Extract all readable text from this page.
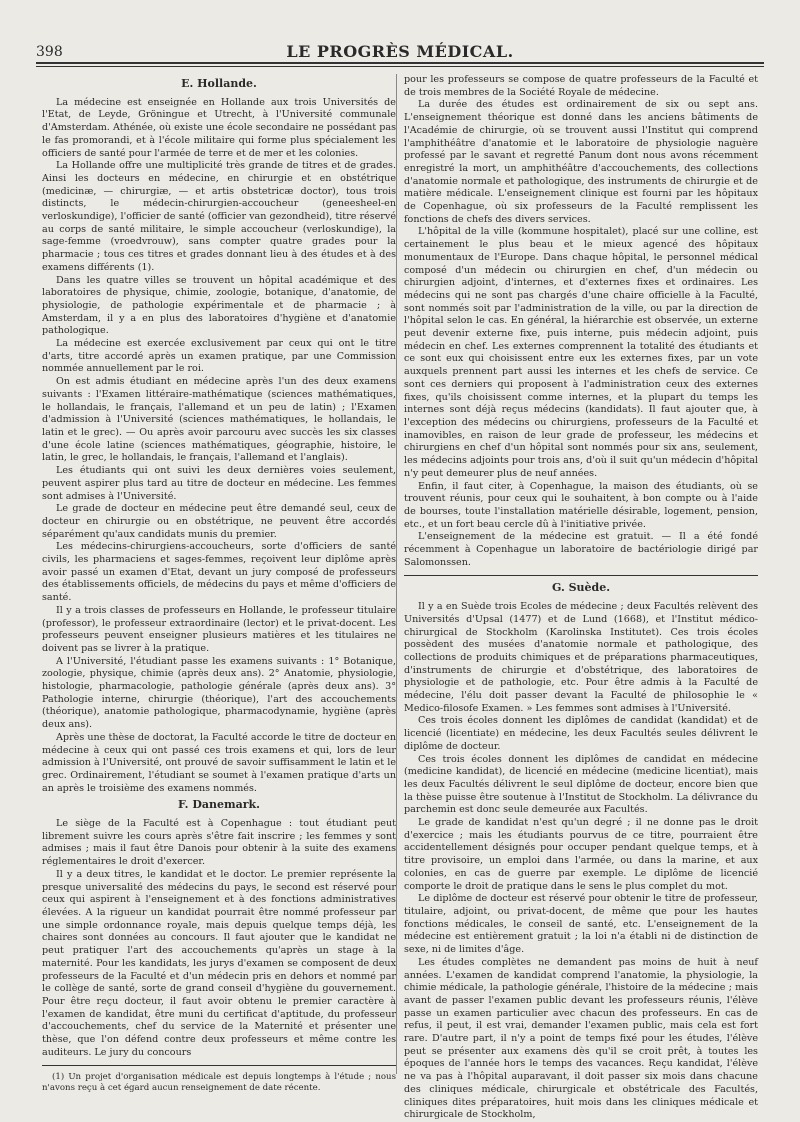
398	LE PROGRÈS MÉDICAL.
E. Hollande.

La médecine est enseignée en Hollande aux trois Universités de l'Etat, de Leyde, Gröningue et Utrecht, à l'Université communale d'Amsterdam. Athénée, où existe une école secondaire ne possédant pas le fas promorandi, et à l'école militaire qui forme plus spécialement les officiers de santé pour l'armée de terre et de mer et les colonies.

La Hollande offre une multiplicité très grande de titres et de grades. Ainsi les docteurs en médecine, en chirurgie et en obstétrique (medicinæ, — chirurgiæ, — et artis obstetricæ doctor), tous trois distincts, le médecin-chirurgien-accoucheur (geneesheel-en verloskundige), l'officier de santé (officier van gezondheid), titre réservé au corps de santé militaire, le simple accoucheur (verloskundige), la sage-femme (vroedvrouw), sans compter quatre grades pour la pharmacie ; tous ces titres et grades donnant lieu à des études et à des examens différents (1).

Dans les quatre villes se trouvent un hôpital académique et des laboratoires de physique, chimie, zoologie, botanique, d'anatomie, de physiologie, de pathologie expérimentale et de pharmacie ; à Amsterdam, il y a en plus des laboratoires d'hygiène et d'anatomie pathologique.

La médecine est exercée exclusivement par ceux qui ont le titre d'arts, titre accordé après un examen pratique, par une Commission nommée annuellement par le roi.

On est admis étudiant en médecine après l'un des deux examens suivants : l'Examen littéraire-mathématique (sciences mathématiques, le hollandais, le français, l'allemand et un peu de latin) ; l'Examen d'admission à l'Université (sciences mathématiques, le hollandais, le latin et le grec). — Ou après avoir parcouru avec succès les six classes d'une école latine (sciences mathématiques, géographie, histoire, le latin, le grec, le hollandais, le français, l'allemand et l'anglais).

Les étudiants qui ont suivi les deux dernières voies seulement, peuvent aspirer plus tard au titre de docteur en médecine. Les femmes sont admises à l'Université.

Le grade de docteur en médecine peut être demandé seul, ceux de docteur en chirurgie ou en obstétrique, ne peuvent être accordés séparément qu'aux candidats munis du premier.

Les médecins-chirurgiens-accoucheurs, sorte d'officiers de santé civils, les pharmaciens et sages-femmes, reçoivent leur diplôme après avoir passé un examen d'Etat, devant un jury composé de professeurs des établissements officiels, de médecins du pays et même d'officiers de santé.

Il y a trois classes de professeurs en Hollande, le professeur titulaire (professor), le professeur extraordinaire (lector) et le privat-docent. Les professeurs peuvent enseigner plusieurs matières et les titulaires ne doivent pas se livrer à la pratique.

A l'Université, l'étudiant passe les examens suivants : 1° Botanique, zoologie, physique, chimie (après deux ans). 2° Anatomie, physiologie, histologie, pharmacologie, pathologie générale (après deux ans). 3° Pathologie interne, chirurgie (théorique), l'art des accouchements (théorique), anatomie pathologique, pharmacodynamie, hygiène (après deux ans).

Après une thèse de doctorat, la Faculté accorde le titre de docteur en médecine à ceux qui ont passé ces trois examens et qui, lors de leur admission à l'Université, ont prouvé de savoir suffisamment le latin et le grec. Ordinairement, l'étudiant se soumet à l'examen pratique d'arts un an après le troisième des examens nommés.

F. Danemark.

Le siège de la Faculté est à Copenhague : tout étudiant peut librement suivre les cours après s'être fait inscrire ; les femmes y sont admises ; mais il faut être Danois pour obtenir à la suite des examens réglementaires le droit d'exercer.

Il y a deux titres, le kandidat et le doctor. Le premier représente la presque universalité des médecins du pays, le second est réservé pour ceux qui aspirent à l'enseignement et à des fonctions administratives élevées. A la rigueur un kandidat pourrait être nommé professeur par une simple ordonnance royale, mais depuis quelque temps déjà, les chaires sont données au concours. Il faut ajouter que le kandidat ne peut pratiquer l'art des accouchements qu'après un stage à la maternité. Pour les kandidats, les jurys d'examen se composent de deux professeurs de la Faculté et d'un médecin pris en dehors et nommé par le collège de santé, sorte de grand conseil d'hygiène du gouvernement. Pour être reçu docteur, il faut avoir obtenu le premier caractère à l'examen de kandidat, être muni du certificat d'aptitude, du professeur d'accouchements, chef du service de la Maternité et présenter une thèse, que l'on défend contre deux professeurs et même contre les auditeurs. Le jury du concours

(1) Un projet d'organisation médicale est depuis longtemps à l'étude ; nous n'avons reçu à cet égard aucun renseignement de date récente.

pour les professeurs se compose de quatre professeurs de la Faculté et de trois membres de la Société Royale de médecine.

La durée des études est ordinairement de six ou sept ans. L'enseignement théorique est donné dans les anciens bâtiments de l'Académie de chirurgie, où se trouvent aussi l'Institut qui comprend l'amphithéâtre d'anatomie et le laboratoire de physiologie naguère professé par le savant et regretté Panum dont nous avons récemment enregistré la mort, un amphithéâtre d'accouchements, des collections d'anatomie normale et pathologique, des instruments de chirurgie et de matière médicale. L'enseignement clinique est fourni par les hôpitaux de Copenhague, où six professeurs de la Faculté remplissent les fonctions de chefs des divers services.

L'hôpital de la ville (kommune hospitalet), placé sur une colline, est certainement le plus beau et le mieux agencé des hôpitaux monumentaux de l'Europe. Dans chaque hôpital, le personnel médical composé d'un médecin ou chirurgien en chef, d'un médecin ou chirurgien adjoint, d'internes, et d'externes fixes et ordinaires. Les médecins qui ne sont pas chargés d'une chaire officielle à la Faculté, sont nommés soit par l'administration de la ville, ou par la direction de l'hôpital selon le cas. En général, la hiérarchie est observée, un externe peut devenir externe fixe, puis interne, puis médecin adjoint, puis médecin en chef. Les externes comprennent la totalité des étudiants et ce sont eux qui choisissent entre eux les externes fixes, par un vote auxquels prennent part aussi les internes et les chefs de service. Ce sont ces derniers qui proposent à l'administration ceux des externes fixes, qu'ils choisissent comme internes, et la plupart du temps les internes sont déjà reçus médecins (kandidats). Il faut ajouter que, à l'exception des médecins ou chirurgiens, professeurs de la Faculté et inamovibles, en raison de leur grade de professeur, les médecins et chirurgiens en chef d'un hôpital sont nommés pour six ans, seulement, les médecins adjoints pour trois ans, d'où il suit qu'un médecin d'hôpital n'y peut demeurer plus de neuf années.

Enfin, il faut citer, à Copenhague, la maison des étudiants, où se trouvent réunis, pour ceux qui le souhaitent, à bon compte ou à l'aide de bourses, toute l'installation matérielle désirable, logement, pension, etc., et un fort beau cercle dû à l'initiative privée.

L'enseignement de la médecine est gratuit. — Il a été fondé récemment à Copenhague un laboratoire de bactériologie dirigé par Salomonssen.

G. Suède.

Il y a en Suède trois Ecoles de médecine ; deux Facultés relèvent des Universités d'Upsal (1477) et de Lund (1668), et l'Institut médico-chirurgical de Stockholm (Karolinska Institutet). Ces trois écoles possèdent des musées d'anatomie normale et pathologique, des collections de produits chimiques et de préparations pharmaceutiques, d'instruments de chirurgie et d'obstétrique, des laboratoires de physiologie et de pathologie, etc. Pour être admis à la Faculté de médecine, l'élu doit passer devant la Faculté de philosophie le « Medico-filosofe Examen. » Les femmes sont admises à l'Université.

Ces trois écoles donnent les diplômes de candidat (kandidat) et de licencié (licentiate) en médecine, les deux Facultés seules délivrent le diplôme de docteur.

Ces trois écoles donnent les diplômes de candidat en médecine (medicine kandidat), de licencié en médecine (medicine licentiat), mais les deux Facultés délivrent le seul diplôme de docteur, encore bien que la thèse puisse être soutenue à l'Institut de Stockholm. La délivrance du parchemin est donc seule demeurée aux Facultés.

Le grade de kandidat n'est qu'un degré ; il ne donne pas le droit d'exercice ; mais les étudiants pourvus de ce titre, pourraient être accidentellement désignés pour occuper pendant quelque temps, et à titre provisoire, un emploi dans l'armée, ou dans la marine, et aux colonies, en cas de guerre par exemple. Le diplôme de licencié comporte le droit de pratique dans le sens le plus complet du mot.

Le diplôme de docteur est réservé pour obtenir le titre de professeur, titulaire, adjoint, ou privat-docent, de même que pour les hautes fonctions médicales, le conseil de santé, etc. L'enseignement de la médecine est entièrement gratuit ; la loi n'a établi ni de distinction de sexe, ni de limites d'âge.

Les études complètes ne demandent pas moins de huit à neuf années. L'examen de kandidat comprend l'anatomie, la physiologie, la chimie médicale, la pathologie générale, l'histoire de la médecine ; mais avant de passer l'examen public devant les professeurs réunis, l'élève passe un examen particulier avec chacun des professeurs. En cas de refus, il peut, il est vrai, demander l'examen public, mais cela est fort rare. D'autre part, il n'y a point de temps fixé pour les études, l'élève peut se présenter aux examens dès qu'il se croit prêt, à toutes les époques de l'année hors le temps des vacances. Reçu kandidat, l'élève ne va pas à l'hôpital auparavant, il doit passer six mois dans chacune des cliniques médicale, chirurgicale et obstétricale des Facultés, cliniques dites préparatoires, huit mois dans les cliniques médicale et chirurgicale de Stockholm,
